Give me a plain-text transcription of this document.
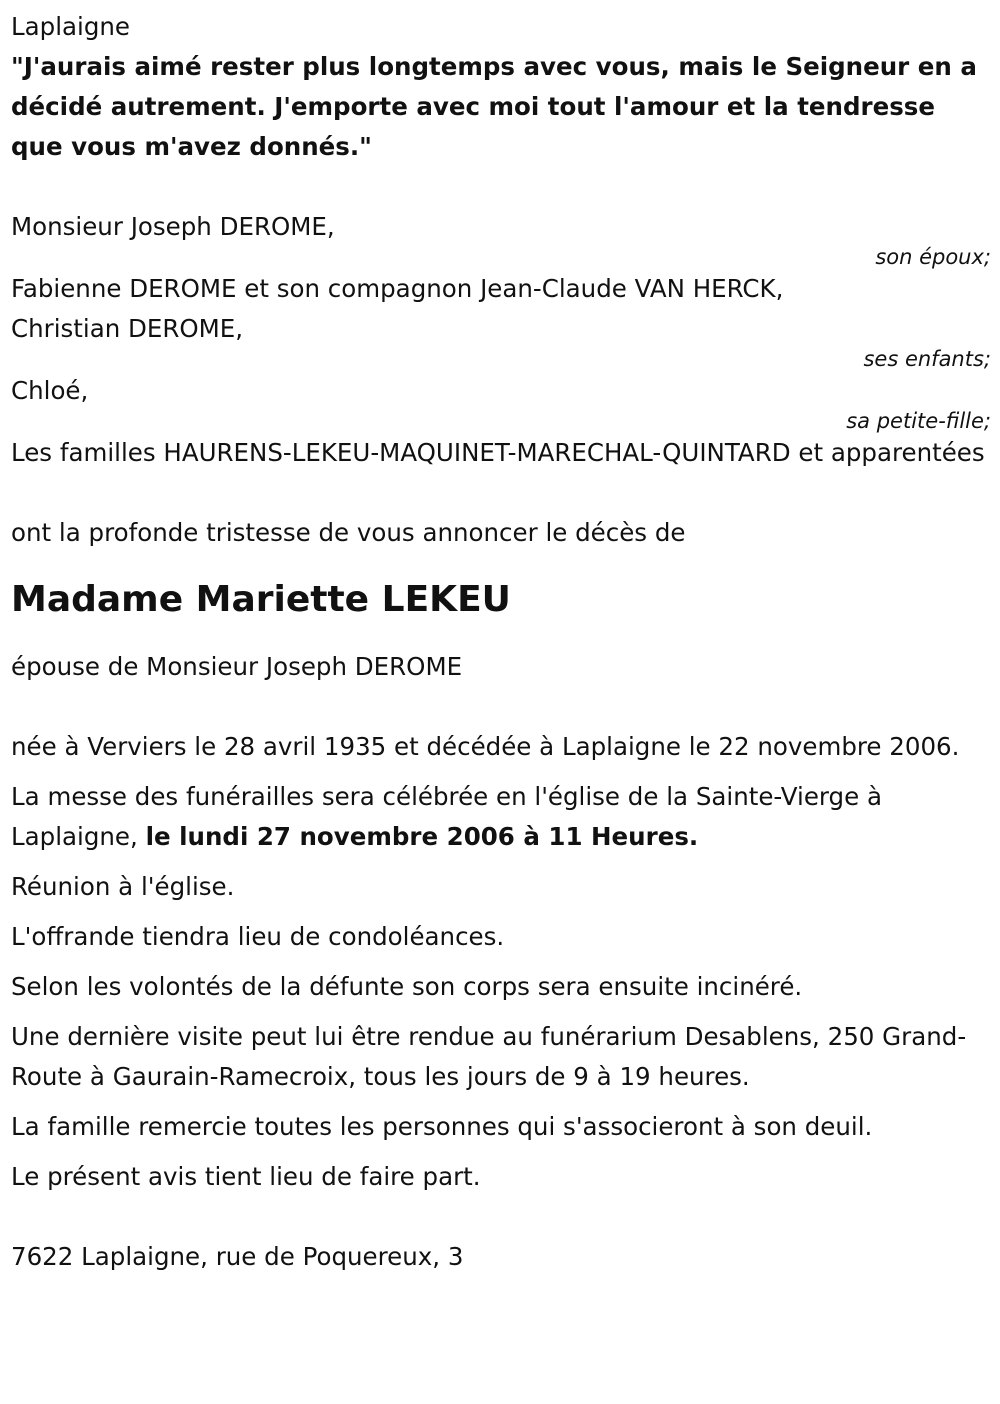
Laplaigne

"J'aurais aimé rester plus longtemps avec vous, mais le Seigneur en a décidé autrement. J'emporte avec moi tout l'amour et la tendresse que vous m'avez donnés."

Monsieur Joseph DEROME,

son époux;

Fabienne DEROME et son compagnon Jean-Claude VAN HERCK,

Christian DEROME,

ses enfants;

Chloé,

sa petite-fille;

Les familles HAURENS-LEKEU-MAQUINET-MARECHAL-QUINTARD et apparentées

ont la profonde tristesse de vous annoncer le décès de

Madame Mariette LEKEU

épouse de Monsieur Joseph DEROME

née à Verviers le 28 avril 1935 et décédée à Laplaigne le 22 novembre 2006.

La messe des funérailles sera célébrée en l'église de la Sainte-Vierge à Laplaigne, le lundi 27 novembre 2006 à 11 Heures.

Réunion à l'église.

L'offrande tiendra lieu de condoléances.

Selon les volontés de la défunte son corps sera ensuite incinéré.

Une dernière visite peut lui être rendue au funérarium Desablens, 250 Grand-Route à Gaurain-Ramecroix, tous les jours de 9 à 19 heures.

La famille remercie toutes les personnes qui s'associeront à son deuil.

Le présent avis tient lieu de faire part.

7622 Laplaigne, rue de Poquereux, 3
